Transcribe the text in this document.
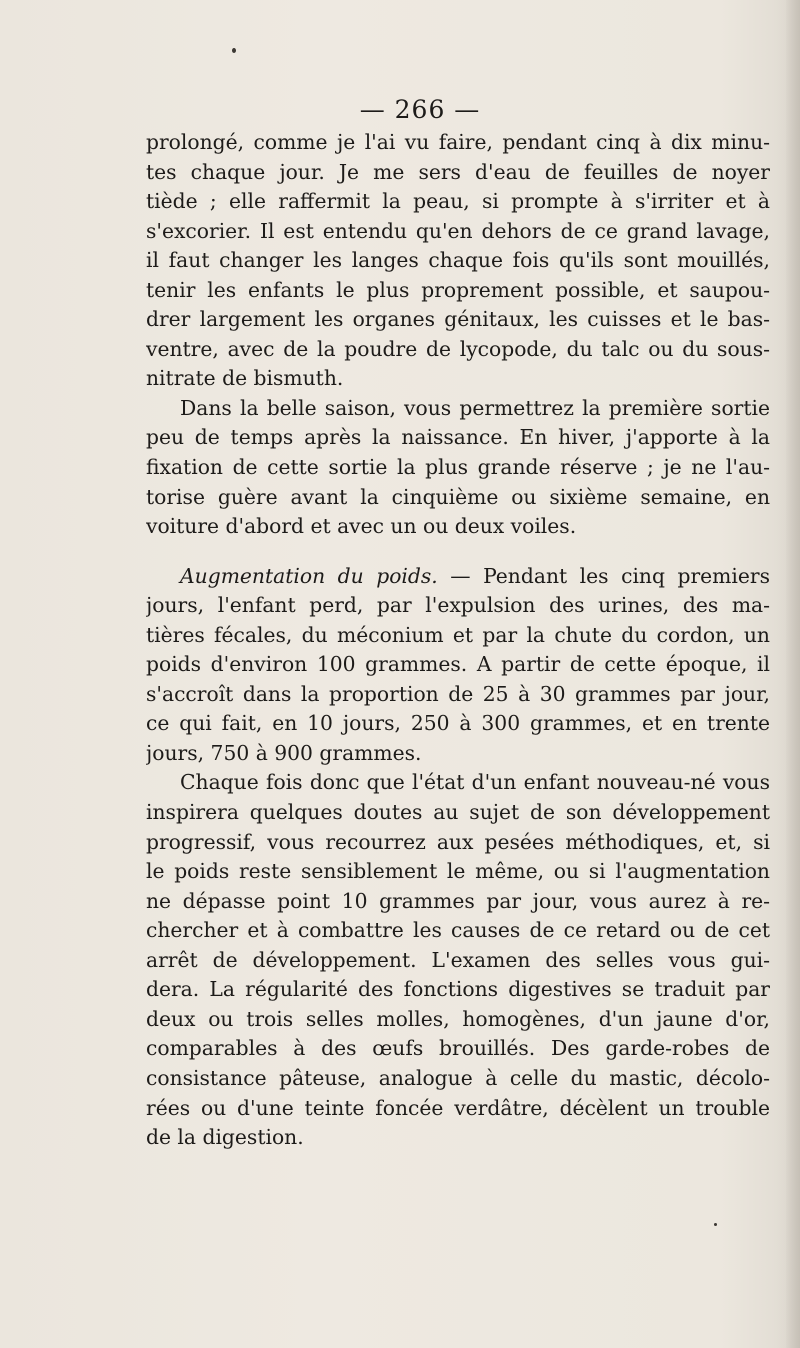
— 266 —

prolongé, comme je l'ai vu faire, pendant cinq à dix minu-
tes chaque jour. Je me sers d'eau de feuilles de noyer
tiède ; elle raffermit la peau, si prompte à s'irriter et à
s'excorier. Il est entendu qu'en dehors de ce grand lavage,
il faut changer les langes chaque fois qu'ils sont mouillés,
tenir les enfants le plus proprement possible, et saupou-
drer largement les organes génitaux, les cuisses et le bas-
ventre, avec de la poudre de lycopode, du talc ou du sous-
nitrate de bismuth.
Dans la belle saison, vous permettrez la première sortie
peu de temps après la naissance. En hiver, j'apporte à la
fixation de cette sortie la plus grande réserve ; je ne l'au-
torise guère avant la cinquième ou sixième semaine, en
voiture d'abord et avec un ou deux voiles.
Augmentation du poids. — Pendant les cinq premiers
jours, l'enfant perd, par l'expulsion des urines, des ma-
tières fécales, du méconium et par la chute du cordon, un
poids d'environ 100 grammes. A partir de cette époque, il
s'accroît dans la proportion de 25 à 30 grammes par jour,
ce qui fait, en 10 jours, 250 à 300 grammes, et en trente
jours, 750 à 900 grammes.
Chaque fois donc que l'état d'un enfant nouveau-né vous
inspirera quelques doutes au sujet de son développement
progressif, vous recourrez aux pesées méthodiques, et, si
le poids reste sensiblement le même, ou si l'augmentation
ne dépasse point 10 grammes par jour, vous aurez à re-
chercher et à combattre les causes de ce retard ou de cet
arrêt de développement. L'examen des selles vous gui-
dera. La régularité des fonctions digestives se traduit par
deux ou trois selles molles, homogènes, d'un jaune d'or,
comparables à des œufs brouillés. Des garde-robes de
consistance pâteuse, analogue à celle du mastic, décolo-
rées ou d'une teinte foncée verdâtre, décèlent un trouble
de la digestion.
